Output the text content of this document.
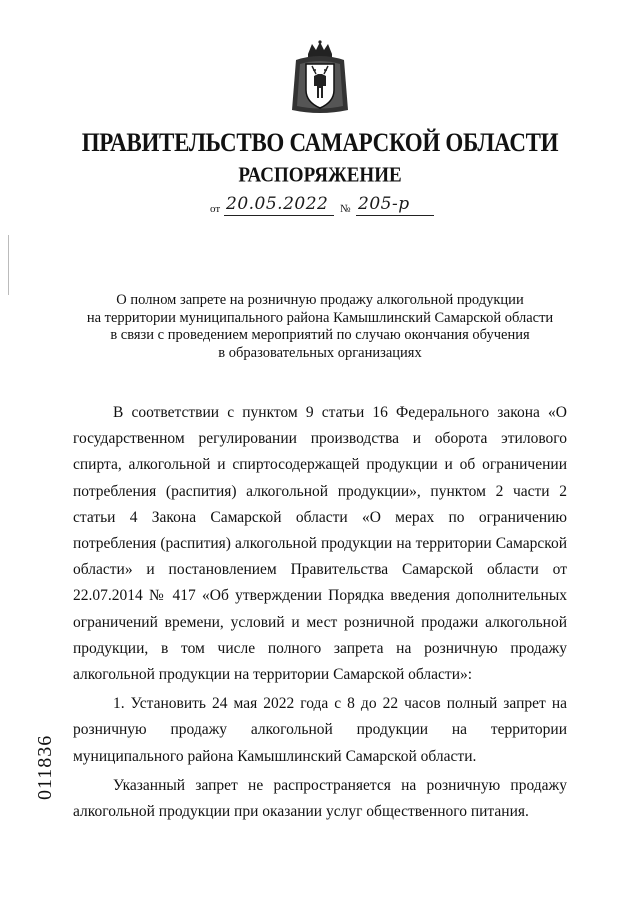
ПРАВИТЕЛЬСТВО САМАРСКОЙ ОБЛАСТИ
РАСПОРЯЖЕНИЕ
от 20.05.2022 № 205-р
О полном запрете на розничную продажу алкогольной продукции
на территории муниципального района Камышлинский Самарской области
в связи с проведением мероприятий по случаю окончания обучения
в образовательных организациях

В соответствии с пунктом 9 статьи 16 Федерального закона «О государственном регулировании производства и оборота этилового спирта, алкогольной и спиртосодержащей продукции и об ограничении потребления (распития) алкогольной продукции», пунктом 2 части 2 статьи 4 Закона Самарской области «О мерах по ограничению потребления (распития) алкогольной продукции на территории Самарской области» и постановлением Правительства Самарской области от 22.07.2014 № 417 «Об утверждении Порядка введения дополнительных ограничений времени, условий и мест розничной продажи алкогольной продукции, в том числе полного запрета на розничную продажу алкогольной продукции на территории Самарской области»:

1. Установить 24 мая 2022 года с 8 до 22 часов полный запрет на розничную продажу алкогольной продукции на территории муниципального района Камышлинский Самарской области.

Указанный запрет не распространяется на розничную продажу алкогольной продукции при оказании услуг общественного питания.

011836
